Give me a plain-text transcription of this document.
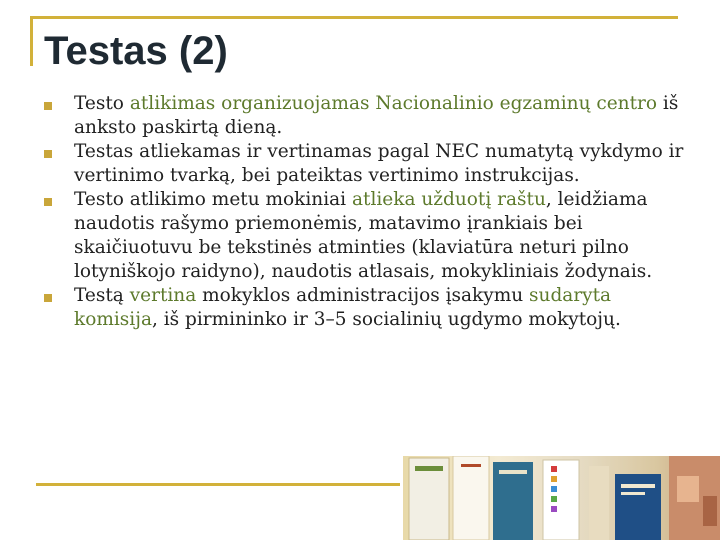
Testas (2)
Testo atlikimas organizuojamas Nacionalinio egzaminų centro iš anksto paskirtą dieną.
Testas atliekamas ir vertinamas pagal NEC numatytą vykdymo ir vertinimo tvarką, bei pateiktas vertinimo instrukcijas.
Testo atlikimo metu mokiniai atlieka užduotį raštu, leidžiama naudotis rašymo priemonėmis, matavimo įrankiais bei skaičiuotuvu be tekstinės atminties (klaviatūra neturi pilno lotyniškojo raidyno), naudotis atlasais, mokykliniais žodynais.
Testą vertina mokyklos administracijos įsakymu sudaryta komisija, iš pirmininko ir 3–5 socialinių ugdymo mokytojų.
